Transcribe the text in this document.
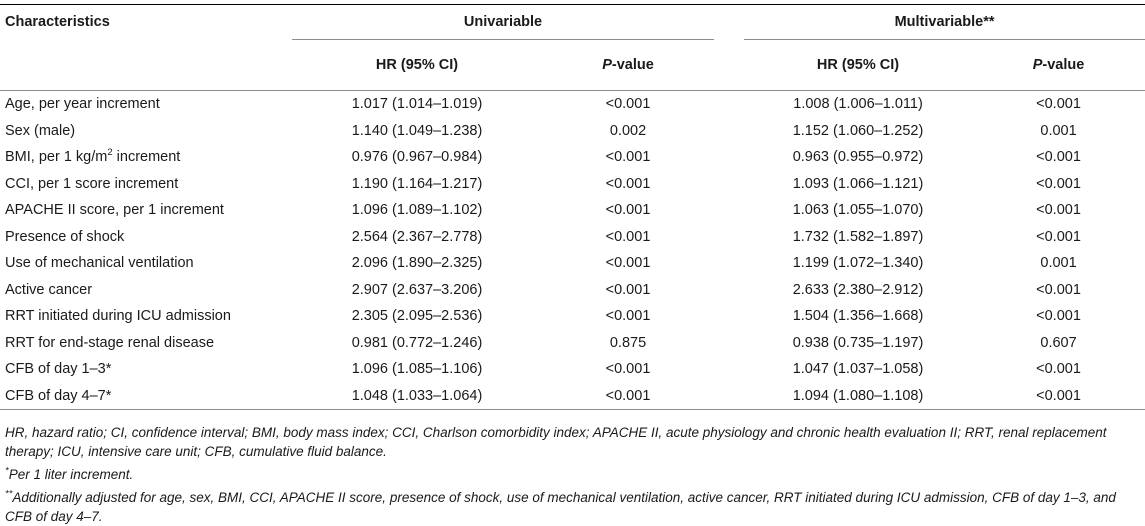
Characteristics	Univariable			Multivariable**	
	HR (95% CI)	P-value		HR (95% CI)	P-value
Age, per year increment	1.017 (1.014–1.019)	<0.001		1.008 (1.006–1.011)	<0.001
Sex (male)	1.140 (1.049–1.238)	0.002		1.152 (1.060–1.252)	0.001
BMI, per 1 $kg/m^2$ increment	0.976 (0.967–0.984)	<0.001		0.963 (0.955–0.972)	<0.001
CCI, per 1 score increment	1.190 (1.164–1.217)	<0.001		1.093 (1.066–1.121)	<0.001
APACHE II score, per 1 increment	1.096 (1.089–1.102)	<0.001		1.063 (1.055–1.070)	<0.001
Presence of shock	2.564 (2.367–2.778)	<0.001		1.732 (1.582–1.897)	<0.001
Use of mechanical ventilation	2.096 (1.890–2.325)	<0.001		1.199 (1.072–1.340)	0.001
Active cancer	2.907 (2.637–3.206)	<0.001		2.633 (2.380–2.912)	<0.001
RRT initiated during ICU admission	2.305 (2.095–2.536)	<0.001		1.504 (1.356–1.668)	<0.001
RRT for end-stage renal disease	0.981 (0.772–1.246)	0.875		0.938 (0.735–1.197)	0.607
CFB of day 1–3*	1.096 (1.085–1.106)	<0.001		1.047 (1.037–1.058)	<0.001
CFB of day 4–7*	1.048 (1.033–1.064)	<0.001		1.094 (1.080–1.108)	<0.001

HR, hazard ratio; CI, confidence interval; BMI, body mass index; CCI, Charlson comorbidity index; APACHE II, acute physiology and chronic health evaluation II; RRT, renal replacement therapy; ICU, intensive care unit; CFB, cumulative fluid balance.

*Per 1 liter increment.

**Additionally adjusted for age, sex, BMI, CCI, APACHE II score, presence of shock, use of mechanical ventilation, active cancer, RRT initiated during ICU admission, CFB of day 1–3, and CFB of day 4–7.
